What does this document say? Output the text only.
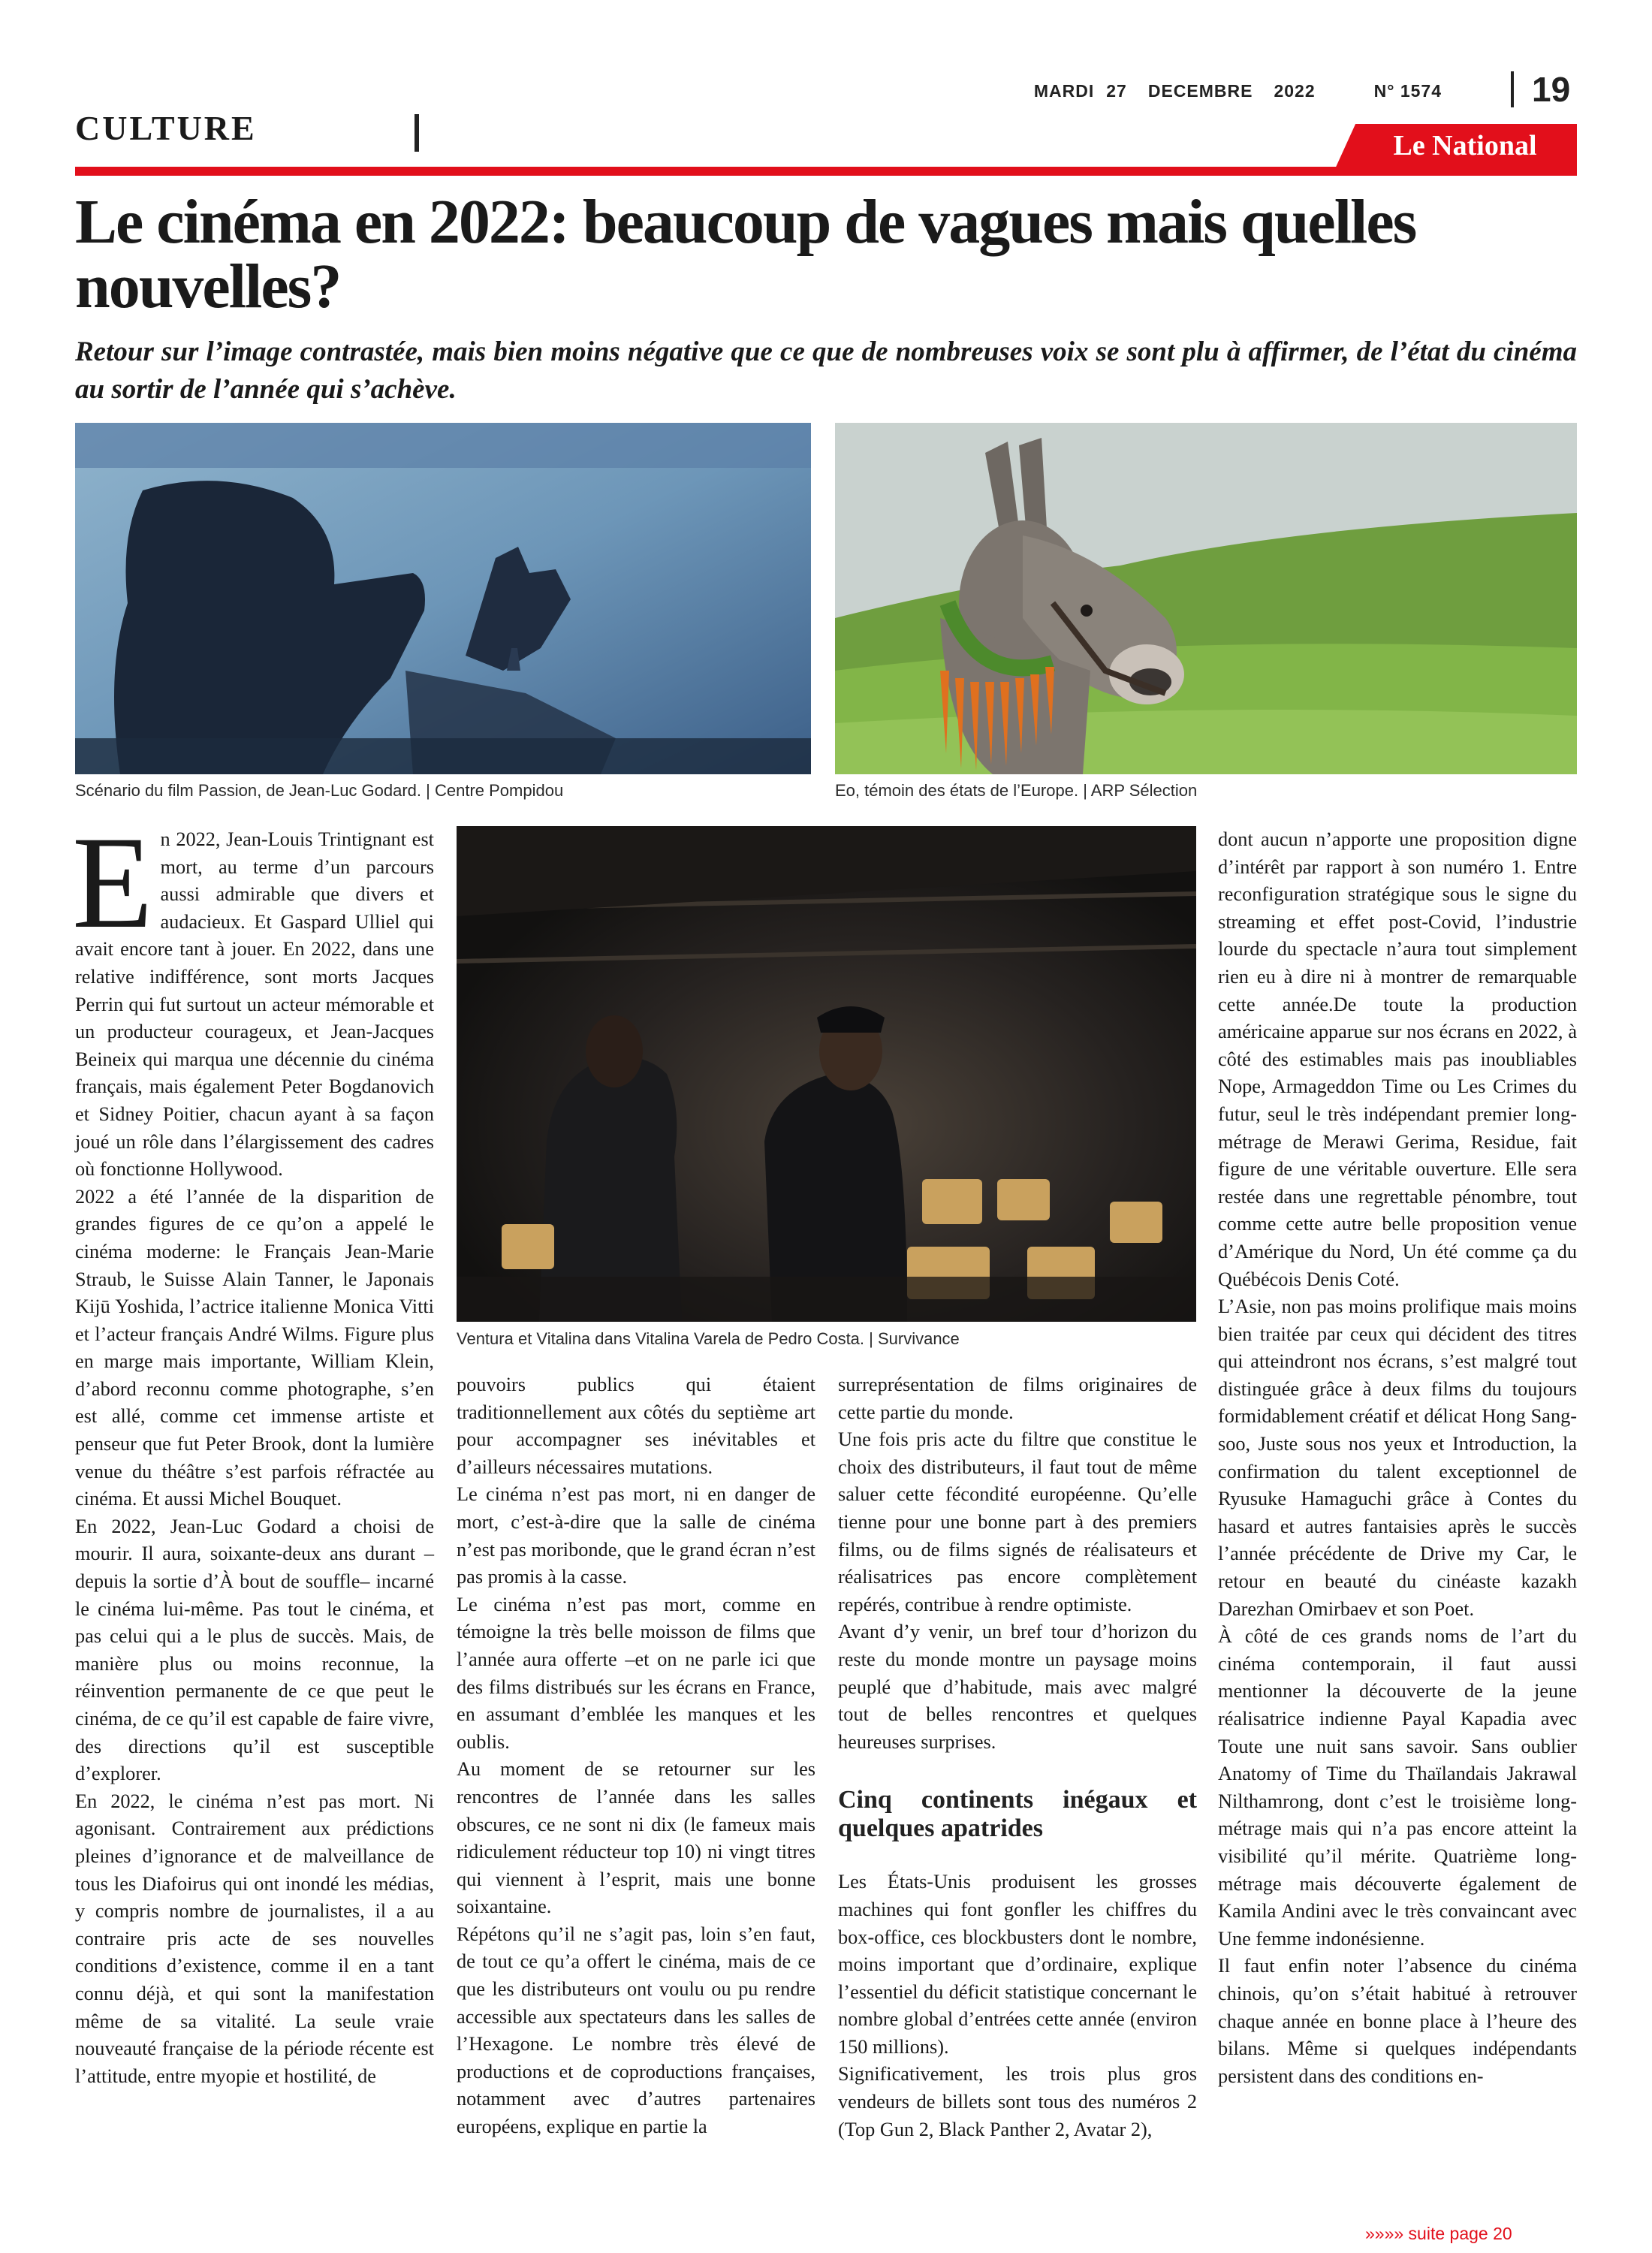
MARDI 27 DECEMBRE 2022	N° 1574	19
CULTURE	Le National
Le cinéma en 2022: beaucoup de vagues mais quelles nouvelles?

Retour sur l’image contrastée, mais bien moins négative que ce que de nombreuses voix se sont plu à affirmer, de l’état du cinéma au sortir de l’année qui s’achève.

Scénario du film Passion, de Jean-Luc Godard. | Centre Pompidou	Eo, témoin des états de l’Europe. | ARP Sélection
Ventura et Vitalina dans Vitalina Varela de Pedro Costa. | Survivance
E n 2022, Jean-Louis Trintignant est mort, au terme d’un parcours aussi admirable que divers et audacieux. Et Gaspard Ulliel qui avait encore tant à jouer. En 2022, dans une relative indifférence, sont morts Jacques Perrin qui fut surtout un acteur mémorable et un producteur courageux, et Jean-Jacques Beineix qui marqua une décennie du cinéma français, mais également Peter Bogdanovich et Sidney Poitier, chacun ayant à sa façon joué un rôle dans l’élargissement des cadres où fonctionne Hollywood.

2022 a été l’année de la disparition de grandes figures de ce qu’on a appelé le cinéma moderne: le Français Jean-Marie Straub, le Suisse Alain Tanner, le Japonais Kijū Yoshida, l’actrice italienne Monica Vitti et l’acteur français André Wilms. Figure plus en marge mais importante, William Klein, d’abord reconnu comme photographe, s’en est allé, comme cet immense artiste et penseur que fut Peter Brook, dont la lumière venue du théâtre s’est parfois réfractée au cinéma. Et aussi Michel Bouquet.

En 2022, Jean-Luc Godard a choisi de mourir. Il aura, soixante-deux ans durant –depuis la sortie d’À bout de souffle– incarné le cinéma lui-même. Pas tout le cinéma, et pas celui qui a le plus de succès. Mais, de manière plus ou moins reconnue, la réinvention permanente de ce que peut le cinéma, de ce qu’il est capable de faire vivre, des directions qu’il est susceptible d’explorer.

En 2022, le cinéma n’est pas mort. Ni agonisant. Contrairement aux prédictions pleines d’ignorance et de malveillance de tous les Diafoirus qui ont inondé les médias, y compris nombre de journalistes, il a au contraire pris acte de ses nouvelles conditions d’existence, comme il en a tant connu déjà, et qui sont la manifestation même de sa vitalité. La seule vraie nouveauté française de la période récente est l’attitude, entre myopie et hostilité, de

pouvoirs publics qui étaient traditionnellement aux côtés du septième art pour accompagner ses inévitables et d’ailleurs nécessaires mutations.

Le cinéma n’est pas mort, ni en danger de mort, c’est-à-dire que la salle de cinéma n’est pas moribonde, que le grand écran n’est pas promis à la casse.

Le cinéma n’est pas mort, comme en témoigne la très belle moisson de films que l’année aura offerte –et on ne parle ici que des films distribués sur les écrans en France, en assumant d’emblée les manques et les oublis.

Au moment de se retourner sur les rencontres de l’année dans les salles obscures, ce ne sont ni dix (le fameux mais ridiculement réducteur top 10) ni vingt titres qui viennent à l’esprit, mais une bonne soixantaine.

Répétons qu’il ne s’agit pas, loin s’en faut, de tout ce qu’a offert le cinéma, mais de ce que les distributeurs ont voulu ou pu rendre accessible aux spectateurs dans les salles de l’Hexagone. Le nombre très élevé de productions et de coproductions françaises, notamment avec d’autres partenaires européens, explique en partie la

surreprésentation de films originaires de cette partie du monde.

Une fois pris acte du filtre que constitue le choix des distributeurs, il faut tout de même saluer cette fécondité européenne. Qu’elle tienne pour une bonne part à des premiers films, ou de films signés de réalisateurs et réalisatrices pas encore complètement repérés, contribue à rendre optimiste.

Avant d’y venir, un bref tour d’horizon du reste du monde montre un paysage moins peuplé que d’habitude, mais avec malgré tout de belles rencontres et quelques heureuses surprises.

Cinq continents inégaux et quelques apatrides

Les États-Unis produisent les grosses machines qui font gonfler les chiffres du box-office, ces blockbusters dont le nombre, moins important que d’ordinaire, explique l’essentiel du déficit statistique concernant le nombre global d’entrées cette année (environ 150 millions).

Significativement, les trois plus gros vendeurs de billets sont tous des numéros 2 (Top Gun 2, Black Panther 2, Avatar 2),

dont aucun n’apporte une proposition digne d’intérêt par rapport à son numéro 1. Entre reconfiguration stratégique sous le signe du streaming et effet post-Covid, l’industrie lourde du spectacle n’aura tout simplement rien eu à dire ni à montrer de remarquable cette année.De toute la production américaine apparue sur nos écrans en 2022, à côté des estimables mais pas inoubliables Nope, Armageddon Time ou Les Crimes du futur, seul le très indépendant premier long-métrage de Merawi Gerima, Residue, fait figure de une véritable ouverture. Elle sera restée dans une regrettable pénombre, tout comme cette autre belle proposition venue d’Amérique du Nord, Un été comme ça du Québécois Denis Coté.

L’Asie, non pas moins prolifique mais moins bien traitée par ceux qui décident des titres qui atteindront nos écrans, s’est malgré tout distinguée grâce à deux films du toujours formidablement créatif et délicat Hong Sang-soo, Juste sous nos yeux et Introduction, la confirmation du talent exceptionnel de Ryusuke Hamaguchi grâce à Contes du hasard et autres fantaisies après le succès l’année précédente de Drive my Car, le retour en beauté du cinéaste kazakh Darezhan Omirbaev et son Poet.

À côté de ces grands noms de l’art du cinéma contemporain, il faut aussi mentionner la découverte de la jeune réalisatrice indienne Payal Kapadia avec Toute une nuit sans savoir. Sans oublier Anatomy of Time du Thaïlandais Jakrawal Nilthamrong, dont c’est le troisième long-métrage mais qui n’a pas encore atteint la visibilité qu’il mérite. Quatrième long-métrage mais découverte également de Kamila Andini avec le très convaincant avec Une femme indonésienne.

Il faut enfin noter l’absence du cinéma chinois, qu’on s’était habitué à retrouver chaque année en bonne place à l’heure des bilans. Même si quelques indépendants persistent dans des conditions en-

»»»» suite page 20
